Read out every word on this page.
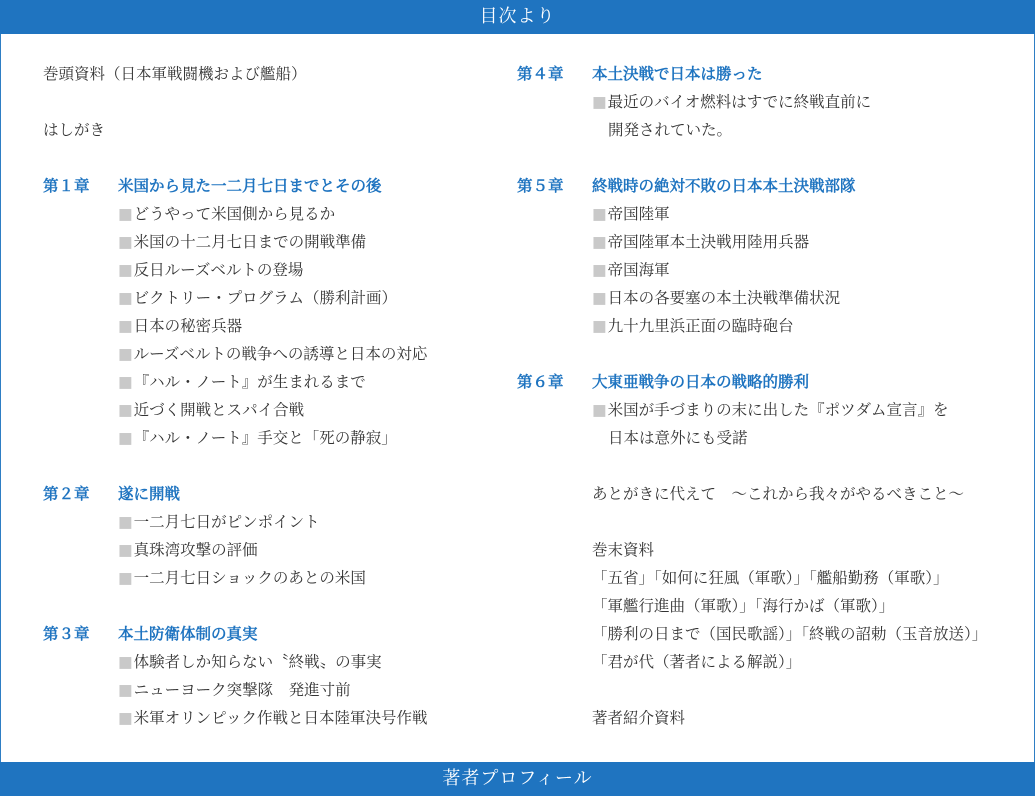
目次より
巻頭資料（日本軍戦闘機および艦船）
はしがき
第１章 米国から見た一二月七日までとその後
■どうやって米国側から見るか
■米国の十二月七日までの開戦準備
■反日ルーズベルトの登場
■ビクトリー・プログラム（勝利計画）
■日本の秘密兵器
■ルーズベルトの戦争への誘導と日本の対応
■『ハル・ノート』が生まれるまで
■近づく開戦とスパイ合戦
■『ハル・ノート』手交と「死の静寂」
第２章 遂に開戦
■一二月七日がピンポイント
■真珠湾攻撃の評価
■一二月七日ショックのあとの米国
第３章 本土防衛体制の真実
■体験者しか知らない〝終戦〟の事実
■ニューヨーク突撃隊　発進寸前
■米軍オリンピック作戦と日本陸軍決号作戦
第４章 本土決戦で日本は勝った
■最近のバイオ燃料はすでに終戦直前に
開発されていた。
第５章 終戦時の絶対不敗の日本本土決戦部隊
■帝国陸軍
■帝国陸軍本土決戦用陸用兵器
■帝国海軍
■日本の各要塞の本土決戦準備状況
■九十九里浜正面の臨時砲台
第６章 大東亜戦争の日本の戦略的勝利
■米国が手づまりの末に出した『ポツダム宣言』を
日本は意外にも受諾
あとがきに代えて　～これから我々がやるべきこと～
巻末資料
「五省」「如何に狂風（軍歌）」「艦船勤務（軍歌）」
「軍艦行進曲（軍歌）」「海行かば（軍歌）」
「勝利の日まで（国民歌謡）」「終戦の詔勅（玉音放送）」
「君が代（著者による解説）」
著者紹介資料
著者プロフィール
